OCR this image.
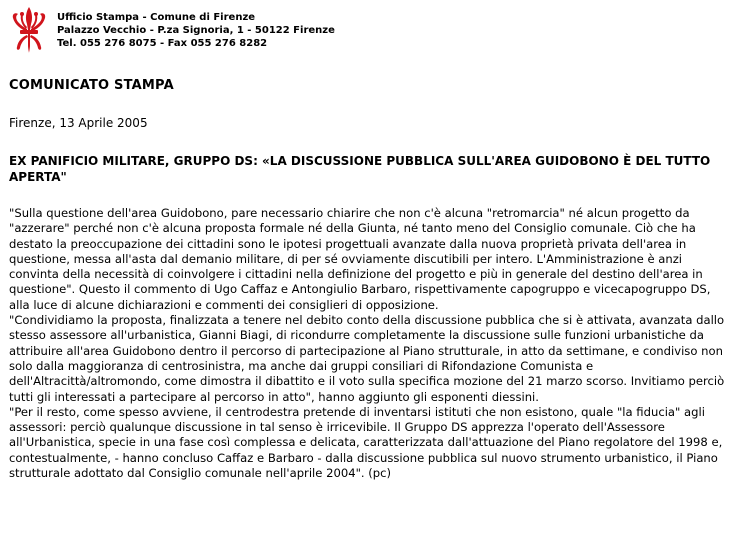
Ufficio Stampa - Comune di Firenze
Palazzo Vecchio - P.za Signoria, 1 - 50122 Firenze
Tel. 055 276 8075 - Fax 055 276 8282
COMUNICATO STAMPA
Firenze, 13 Aprile 2005
EX PANIFICIO MILITARE, GRUPPO DS: «LA DISCUSSIONE PUBBLICA SULL'AREA GUIDOBONO È DEL TUTTO APERTA"

"Sulla questione dell'area Guidobono, pare necessario chiarire che non c'è alcuna "retromarcia" né alcun progetto da "azzerare" perché non c'è alcuna proposta formale né della Giunta, né tanto meno del Consiglio comunale. Ciò che ha destato la preoccupazione dei cittadini sono le ipotesi progettuali avanzate dalla nuova proprietà privata dell'area in questione, messa all'asta dal demanio militare, di per sé ovviamente discutibili per intero. L'Amministrazione è anzi convinta della necessità di coinvolgere i cittadini nella definizione del progetto e più in generale del destino dell'area in questione". Questo il commento di Ugo Caffaz e Antongiulio Barbaro, rispettivamente capogruppo e vicecapogruppo DS, alla luce di alcune dichiarazioni e commenti dei consiglieri di opposizione.

"Condividiamo la proposta, finalizzata a tenere nel debito conto della discussione pubblica che si è attivata, avanzata dallo stesso assessore all'urbanistica, Gianni Biagi, di ricondurre completamente la discussione sulle funzioni urbanistiche da attribuire all'area Guidobono dentro il percorso di partecipazione al Piano strutturale, in atto da settimane, e condiviso non solo dalla maggioranza di centrosinistra, ma anche dai gruppi consiliari di Rifondazione Comunista e dell'Altracittà/altromondo, come dimostra il dibattito e il voto sulla specifica mozione del 21 marzo scorso. Invitiamo perciò tutti gli interessati a partecipare al percorso in atto", hanno aggiunto gli esponenti diessini.

"Per il resto, come spesso avviene, il centrodestra pretende di inventarsi istituti che non esistono, quale "la fiducia" agli assessori: perciò qualunque discussione in tal senso è irricevibile. Il Gruppo DS apprezza l'operato dell'Assessore all'Urbanistica, specie in una fase così complessa e delicata, caratterizzata dall'attuazione del Piano regolatore del 1998 e, contestualmente, - hanno concluso Caffaz e Barbaro - dalla discussione pubblica sul nuovo strumento urbanistico, il Piano strutturale adottato dal Consiglio comunale nell'aprile 2004". (pc)
